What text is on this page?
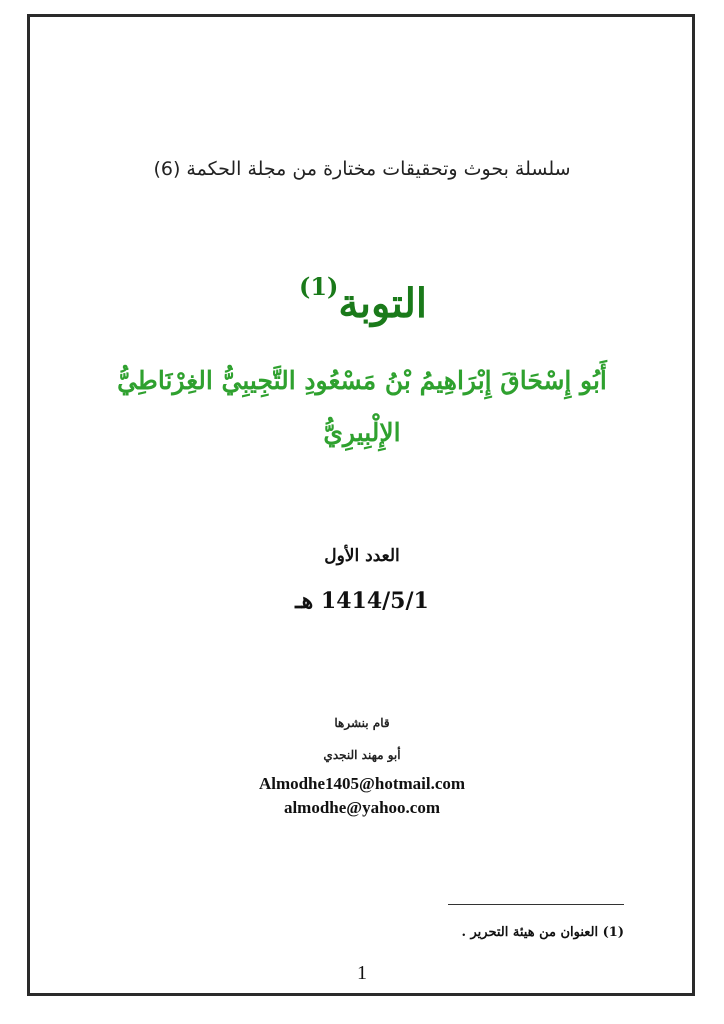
سلسلة بحوث وتحقيقات مختارة من مجلة الحكمة (6)
التوبة$^{(1)}$
أَبُو إِسْحَاقَ إِبْرَاهِيمُ بْنُ مَسْعُودِ التَّجِيبِيُّ الغِرْنَاطِيُّ
الإِلْبِيرِيُّ
العدد الأول
1414/5/1 هـ
قام بنشرها
أبو مهند النجدي
Almodhe1405@hotmail.com
almodhe@yahoo.com
(1) العنوان من هيئة التحرير .
1
